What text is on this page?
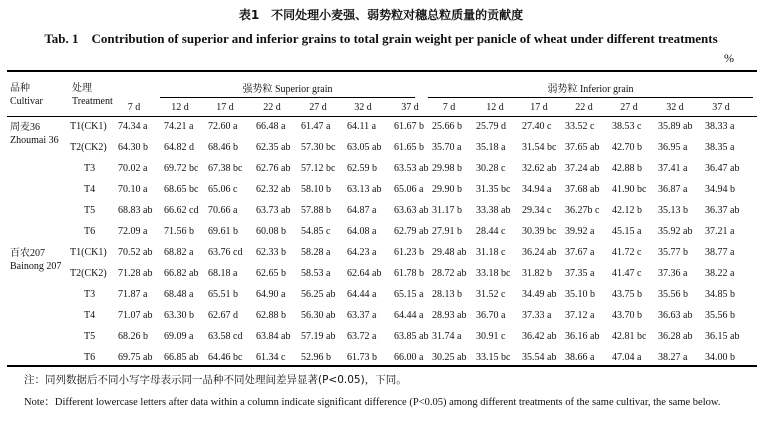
表1　不同处理小麦强、弱势粒对穗总粒质量的贡献度
Tab. 1　Contribution of superior and inferior grains to total grain weight per panicle of wheat under different treatments
%
品种
Cultivar
处理
Treatment
强势粒 Superior grain	弱势粒 Inferior grain
7 d	12 d	17 d	22 d	27 d	32 d	37 d	7 d	12 d	17 d	22 d	27 d	32 d	37 d
周麦36
Zhoumai 36
T1(CK1) 74.34 a 74.21 a 72.60 a 66.48 a 61.47 a 64.11 a 61.67 b 25.66 b 25.79 d 27.40 c 33.52 c 38.53 c 35.89 ab 38.33 a
T2(CK2) 64.30 b 64.82 d 68.46 b 62.35 ab 57.30 bc 63.05 ab 61.65 b 35.70 a 35.18 a 31.54 bc 37.65 ab 42.70 b 36.95 a 38.35 a
T3 70.02 a 69.72 bc 67.38 bc 62.76 ab 57.12 bc 62.59 b 63.53 ab 29.98 b 30.28 c 32.62 ab 37.24 ab 42.88 b 37.41 a 36.47 ab
T4 70.10 a 68.65 bc 65.06 c 62.32 ab 58.10 b 63.13 ab 65.06 a 29.90 b 31.35 bc 34.94 a 37.68 ab 41.90 bc 36.87 a 34.94 b
T5 68.83 ab 66.62 cd 70.66 a 63.73 ab 57.88 b 64.87 a 63.63 ab 31.17 b 33.38 ab 29.34 c 36.27b c 42.12 b 35.13 b 36.37 ab
T6 72.09 a 71.56 b 69.61 b 60.08 b 54.85 c 64.08 a 62.79 ab 27.91 b 28.44 c 30.39 bc 39.92 a 45.15 a 35.92 ab 37.21 a
百农207
Bainong 207
T1(CK1) 70.52 ab 68.82 a 63.76 cd 62.33 b 58.28 a 64.23 a 61.23 b 29.48 ab 31.18 c 36.24 ab 37.67 a 41.72 c 35.77 b 38.77 a
T2(CK2) 71.28 ab 66.82 ab 68.18 a 62.65 b 58.53 a 62.64 ab 61.78 b 28.72 ab 33.18 bc 31.82 b 37.35 a 41.47 c 37.36 a 38.22 a
T3 71.87 a 68.48 a 65.51 b 64.90 a 56.25 ab 64.44 a 65.15 a 28.13 b 31.52 c 34.49 ab 35.10 b 43.75 b 35.56 b 34.85 b
T4 71.07 ab 63.30 b 62.67 d 62.88 b 56.30 ab 63.37 a 64.44 a 28.93 ab 36.70 a 37.33 a 37.12 a 43.70 b 36.63 ab 35.56 b
T5 68.26 b 69.09 a 63.58 cd 63.84 ab 57.19 ab 63.72 a 63.85 ab 31.74 a 30.91 c 36.42 ab 36.16 ab 42.81 bc 36.28 ab 36.15 ab
T6 69.75 ab 66.85 ab 64.46 bc 61.34 c 52.96 b 61.73 b 66.00 a 30.25 ab 33.15 bc 35.54 ab 38.66 a 47.04 a 38.27 a 34.00 b
注：同列数据后不同小写字母表示同一品种不同处理间差异显著(P<0.05)，下同。
Note：Different lowercase letters after data within a column indicate significant difference (P<0.05) among different treatments of the same cultivar, the same below.
